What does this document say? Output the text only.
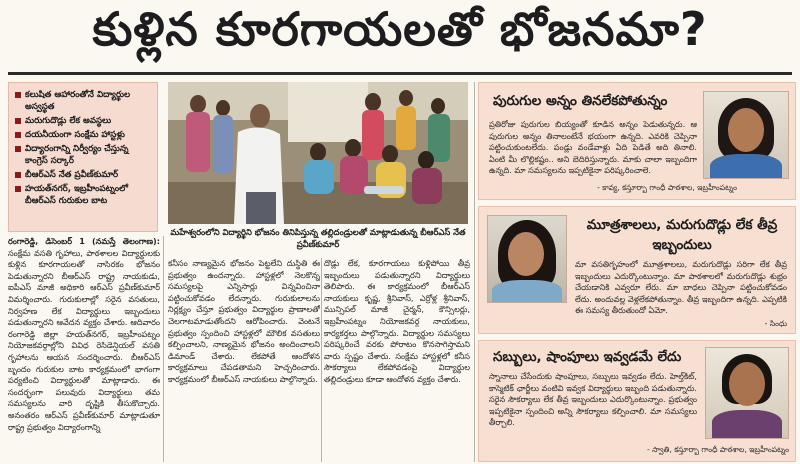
కుళ్లిన కూరగాయలతో భోజనమా?
కలుషిత ఆహారంతోనే విద్యార్థుల అస్వస్థత
మరుగుదొడ్లు లేక అవస్థలు
దయనీయంగా సంక్షేమ హాస్టళ్లు
విద్యారంగాన్ని నిర్వీర్యం చేస్తున్న కాంగ్రెస్ సర్కార్
బీఆర్ఎస్ నేత ప్రవీణ్‌కుమార్
హయత్‌నగర్, ఇబ్రహీంపట్నంలో బీఆర్ఎస్ గురుకుల బాట
మహేశ్వరంలోని విద్యార్థిని భోజనం తినిపిస్తున్న తల్లిదండ్రులతో మాట్లాడుతున్న బీఆర్ఎస్ నేత ప్రవీణ్‌కుమార్
రంగారెడ్డి, డిసెంబర్ 1 (నమస్తే తెలంగాణ): సంక్షేమ వసతి గృహాలు, పాఠశాలల విద్యార్థులకు కుళ్లిన కూరగాయలతో నాసిరకం భోజనం పెడుతున్నారని బీఆర్ఎస్ రాష్ట్ర నాయకుడు, ఐపీఎస్ మాజీ అధికారి ఆర్ఎస్ ప్రవీణ్‌కుమార్ విమర్శించారు. గురుకులాల్లో సరైన వసతులు, నిర్వహణ లేక విద్యార్థులు ఇబ్బందులు పడుతున్నారని ఆవేదన వ్యక్తం చేశారు. ఆదివారం రంగారెడ్డి జిల్లా హయత్‌నగర్, ఇబ్రహీంపట్నం నియోజకవర్గాల్లోని వివిధ రెసిడెన్షియల్ వసతి గృహాలను ఆయన సందర్శించారు. బీఆర్ఎస్ బృందం గురుకుల బాట కార్యక్రమంలో భాగంగా పర్యటించి విద్యార్థులతో మాట్లాడారు. ఈ సందర్భంగా పలువురు విద్యార్థులు తమ సమస్యలను వారి దృష్టికి తీసుకొచ్చారు. అనంతరం ఆర్ఎస్ ప్రవీణ్‌కుమార్ మాట్లాడుతూ రాష్ట్ర ప్రభుత్వం విద్యారంగాన్ని
కనీసం నాణ్యమైన భోజనం పెట్టలేని దుస్థితి ఈ ప్రభుత్వం ఉందన్నారు. హాస్టళ్లలో నెలకొన్న సమస్యలపై ఎన్నిసార్లు విన్నవించినా పట్టించుకోవడం లేదన్నారు. గురుకులాలను నిర్లక్ష్యం చేస్తూ ప్రభుత్వం విద్యార్థుల ప్రాణాలతో చెలగాటమాడుతోందని ఆరోపించారు. వెంటనే ప్రభుత్వం స్పందించి హాస్టళ్లలో మౌలిక వసతులు కల్పించాలని, నాణ్యమైన భోజనం అందించాలని డిమాండ్ చేశారు. లేకపోతే ఆందోళన కార్యక్రమాలు చేపడతామని హెచ్చరించారు. కార్యక్రమంలో బీఆర్ఎస్ నాయకులు పాల్గొన్నారు.
దొడ్లు లేక, కూరగాయలు కుళ్లిపోయి తీవ్ర ఇబ్బందులు పడుతున్నారని విద్యార్థులు తెలిపారు. ఈ కార్యక్రమంలో బీఆర్ఎస్ నాయకులు కృష్ణ, శ్రీనివాస్, ఎర్రోళ్ల శ్రీనివాస్, మున్సిపల్ మాజీ చైర్మన్, కౌన్సిలర్లు, ఇబ్రహీంపట్నం నియోజకవర్గ నాయకులు, కార్యకర్తలు పాల్గొన్నారు. విద్యార్థుల సమస్యలు పరిష్కరించే వరకు పోరాటం కొనసాగిస్తామని వారు స్పష్టం చేశారు. సంక్షేమ హాస్టళ్లలో కనీస సౌకర్యాలు లేకపోవడంపై విద్యార్థుల తల్లిదండ్రులు కూడా ఆందోళన వ్యక్తం చేశారు.
పురుగుల అన్నం తినలేకపోతున్నం
ప్రతిరోజు పురుగుల బియ్యంతో కూడిన అన్నం పెడుతున్నరు. ఆ పురుగుల అన్నం తినాలంటేనే భయంగా ఉన్నది. ఎవరికి చెప్పినా పట్టించుకుంటలేదు. పండ్లు వండేవాళ్లు ఏది పెడితే అది తినాలి. ఏంటి మీ లొల్లికష్టం.. అని బెదిరిస్తున్నారు. మాకు చాలా ఇబ్బందిగా ఉన్నది. మా సమస్యలను ఇప్పటికైనా పరిష్కరించాలె.
- కావ్య, కస్తూర్బా గాంధీ పాఠశాల, ఇబ్రహీంపట్నం
మూత్రశాలలు, మరుగుదొడ్లు లేక తీవ్ర ఇబ్బందులు
మా వసతిగృహంలో మూత్రశాలలు, మరుగుదొడ్లు సరిగా లేక తీవ్ర ఇబ్బందులు ఎదుర్కొంటున్నాం. మా పాఠశాలలో మరుగుదొడ్లు శుభ్రం చేయడానికి ఎవ్వరూ లేరు. మా బాధలు చెప్పినా పట్టించుకోవడం లేదు. అందువల్ల వెళ్లలేకపోతున్నాం. తీవ్ర ఇబ్బందిగా ఉన్నది. ఎప్పటికి ఈ సమస్య తీరుతుందో ఏమో.
- సింధు
సబ్బులు, షాంపూలు ఇవ్వడమే లేదు
స్నానాలు చేసేందుకు షాంపూలు, సబ్బులు ఇవ్వడం లేదు. హెల్త్‌కిట్, కాస్మెటిక్ ఛార్జీలు వంటివి ఇవ్వక విద్యార్థులు ఇబ్బంది పడుతున్నారు. సరైన సౌకర్యాలు లేక తీవ్ర ఇబ్బందులు ఎదుర్కొంటున్నాం. ప్రభుత్వం ఇప్పటికైనా స్పందించి అన్ని సౌకర్యాలు కల్పించాలి. మా సమస్యలు తీర్చాలి.
- స్వాతి, కస్తూర్బా గాంధీ పాఠశాల, ఇబ్రహీంపట్నం
